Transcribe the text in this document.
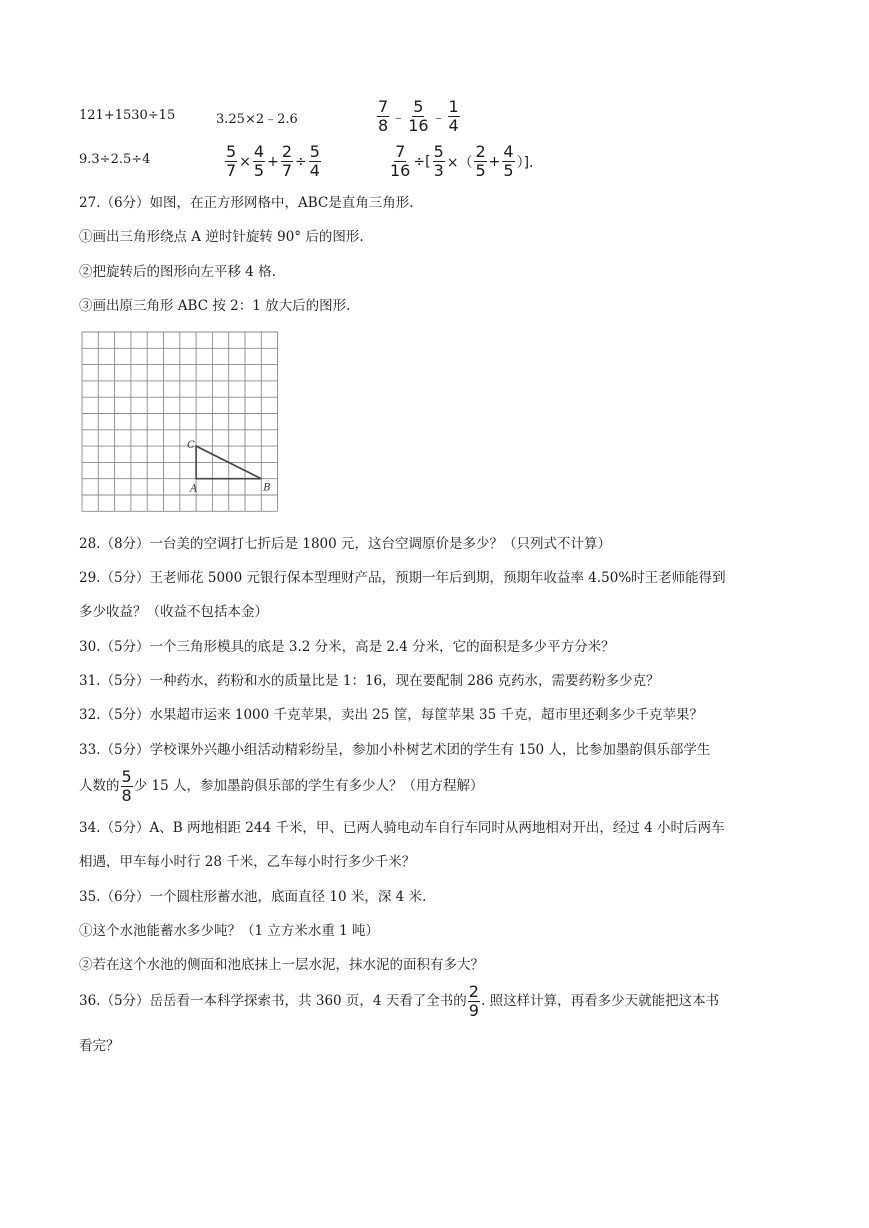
121+1530÷15	3.25×2﹣2.6	$\frac{7}{8}$ ﹣ $\frac{5}{16}$ ﹣ $\frac{1}{4}$
9.3÷2.5÷4	$\frac{5}{7} \times \frac{4}{5} + \frac{2}{7} \div \frac{5}{4}$	$\frac{7}{16}$ ÷[ $\frac{5}{3}$ ×（ $\frac{2}{5} + \frac{4}{5}$ ）].
27.（6分）如图，在正方形网格中，ABC是直角三角形.
①画出三角形绕点 A 逆时针旋转 90° 后的图形.
②把旋转后的图形向左平移 4 格.
③画出原三角形 ABC 按 2：1 放大后的图形.
A	B
C
28.（8分）一台美的空调打七折后是 1800 元，这台空调原价是多少？（只列式不计算）
29.（5分）王老师花 5000 元银行保本型理财产品，预期一年后到期，预期年收益率 4.50%时王老师能得到
多少收益？（收益不包括本金）
30.（5分）一个三角形模具的底是 3.2 分米，高是 2.4 分米，它的面积是多少平方分米？
31.（5分）一种药水，药粉和水的质量比是 1：16，现在要配制 286 克药水，需要药粉多少克？
32.（5分）水果超市运来 1000 千克苹果，卖出 25 筐，每筐苹果 35 千克，超市里还剩多少千克苹果？
33.（5分）学校课外兴趣小组活动精彩纷呈，参加小朴树艺术团的学生有 150 人，比参加墨韵俱乐部学生
人数的 $\frac{5}{8}$ 少 15 人，参加墨韵俱乐部的学生有多少人？（用方程解）
34.（5分）A、B 两地相距 244 千米，甲、已两人骑电动车自行车同时从两地相对开出，经过 4 小时后两车
相遇，甲车每小时行 28 千米，乙车每小时行多少千米？
35.（6分）一个圆柱形蓄水池，底面直径 10 米，深 4 米.
①这个水池能蓄水多少吨？（1 立方米水重 1 吨）
②若在这个水池的侧面和池底抹上一层水泥，抹水泥的面积有多大？
36.（5分）岳岳看一本科学探索书，共 360 页，4 天看了全书的 $\frac{2}{9}$ . 照这样计算，再看多少天就能把这本书
看完？
